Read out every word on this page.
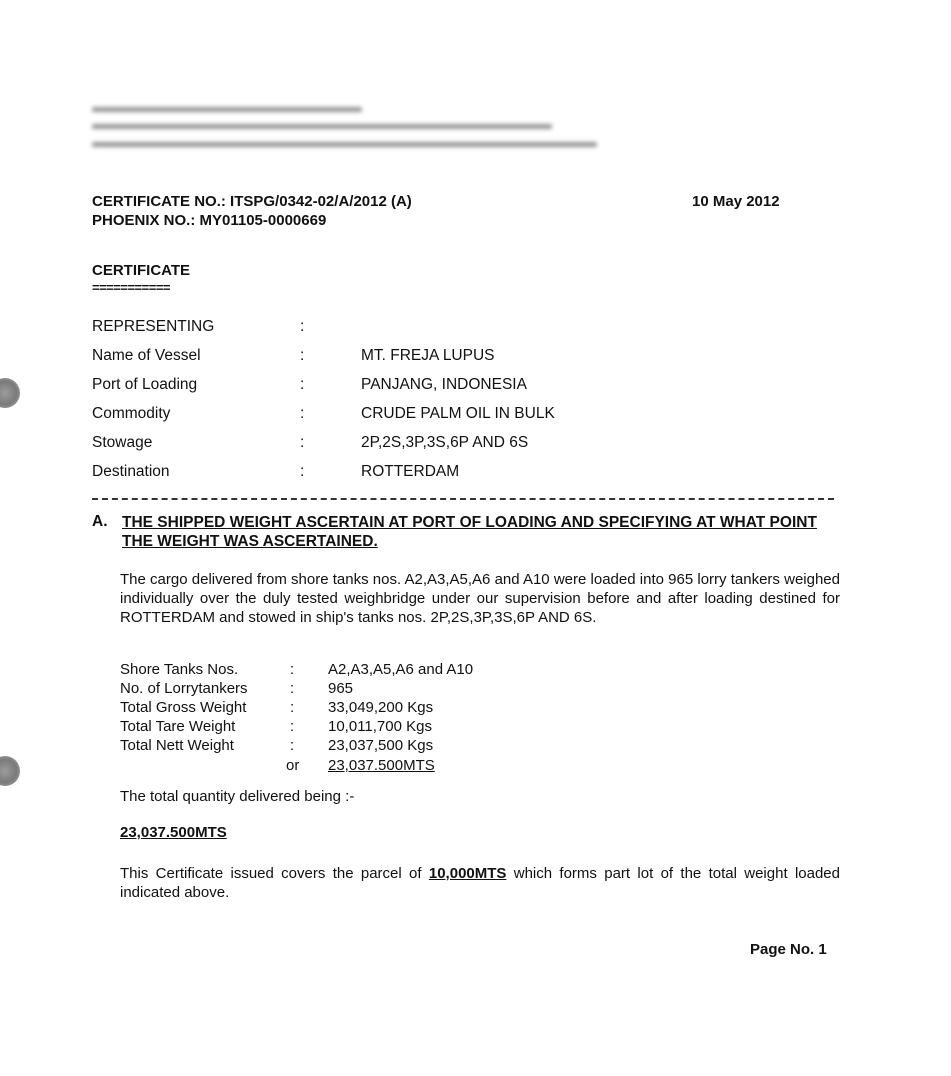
CERTIFICATE NO.: ITSPG/0342-02/A/2012 (A)
PHOENIX NO.: MY01105-0000669
10 May 2012
CERTIFICATE
===========
REPRESENTING	:
Name of Vessel	:	MT. FREJA LUPUS
Port of Loading	:	PANJANG, INDONESIA
Commodity	:	CRUDE PALM OIL IN BULK
Stowage	:	2P,2S,3P,3S,6P AND 6S
Destination	:	ROTTERDAM
A. THE SHIPPED WEIGHT ASCERTAIN AT PORT OF LOADING AND SPECIFYING AT WHAT POINT THE WEIGHT WAS ASCERTAINED.
The cargo delivered from shore tanks nos. A2,A3,A5,A6 and A10 were loaded into 965 lorry tankers weighed individually over the duly tested weighbridge under our supervision before and after loading destined for ROTTERDAM and stowed in ship's tanks nos. 2P,2S,3P,3S,6P AND 6S.
Shore Tanks Nos.	: A2,A3,A5,A6 and A10
No. of Lorrytankers	: 965
Total Gross Weight	: 33,049,200 Kgs
Total Tare Weight	: 10,011,700 Kgs
Total Nett Weight	: 23,037,500 Kgs
or 23,037.500MTS
The total quantity delivered being :-
23,037.500MTS
This Certificate issued covers the parcel of 10,000MTS which forms part lot of the total weight loaded indicated above.
Page No. 1
